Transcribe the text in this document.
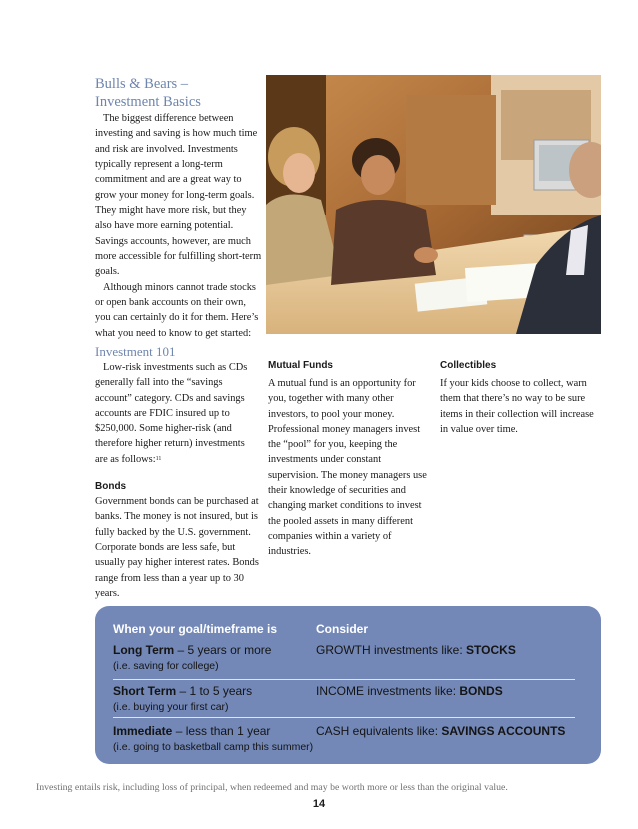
Bulls & Bears –
Investment Basics

The biggest difference between investing and saving is how much time and risk are involved. Investments typically represent a long-term commitment and are a great way to grow your money for long-term goals. They might have more risk, but they also have more earning potential. Savings accounts, however, are much more accessible for fulfilling short-term goals.

Although minors cannot trade stocks or open bank accounts on their own, you can certainly do it for them. Here’s what you need to know to get started:

Investment 101

Low-risk investments such as CDs generally fall into the “savings account” category. CDs and savings accounts are FDIC insured up to $250,000. Some higher-risk (and therefore higher return) investments are as follows:$^{11}$

Bonds

Government bonds can be purchased at banks. The money is not insured, but is fully backed by the U.S. government. Corporate bonds are less safe, but usually pay higher interest rates. Bonds range from less than a year up to 30 years.

Mutual Funds

A mutual fund is an opportunity for you, together with many other investors, to pool your money. Professional money managers invest the “pool” for you, keeping the investments under constant supervision. The money managers use their knowledge of securities and changing market conditions to invest the pooled assets in many different companies within a variety of industries.

Collectibles

If your kids choose to collect, warn them that there’s no way to be sure items in their collection will increase in value over time.

When your goal/timeframe is	Consider
Long Term – 5 years or more
(i.e. saving for college)
GROWTH investments like: STOCKS
Short Term – 1 to 5 years
(i.e. buying your first car)
INCOME investments like: BONDS
Immediate – less than 1 year
(i.e. going to basketball camp this summer)
CASH equivalents like: SAVINGS ACCOUNTS
Investing entails risk, including loss of principal, when redeemed and may be worth more or less than the original value.
14
